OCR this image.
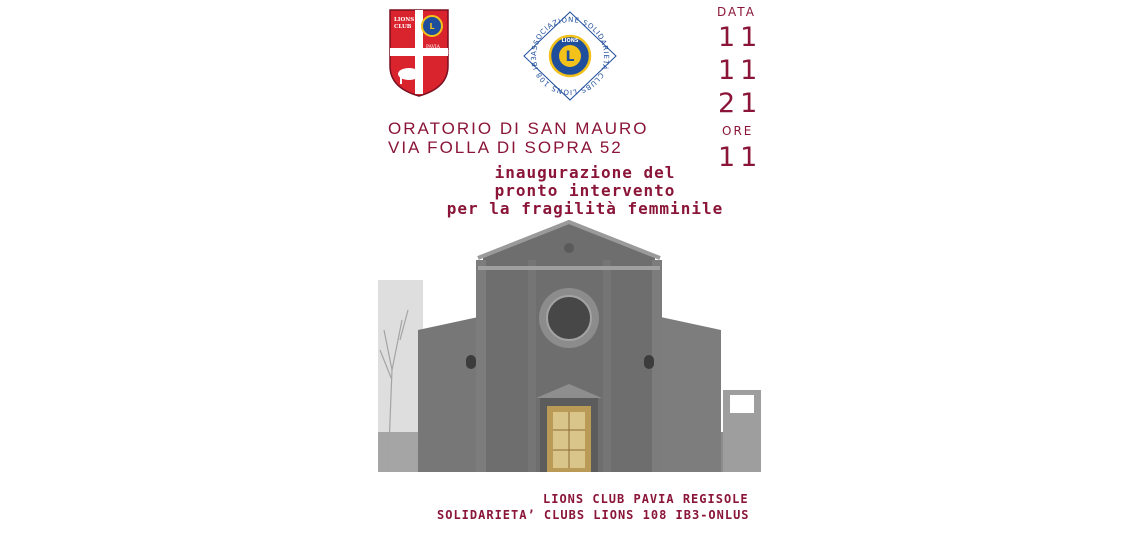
L
LIONS
CLUB
PAVIA
REGISOLE	L
LIONS
ASSOCIAZIONE SOLIDARIETÀ CLUBS LIONS 108 IB3
DATA
11
11
21
ORE
11
ORATORIO DI SAN MAURO
VIA FOLLA DI SOPRA 52
inaugurazione del
pronto intervento
per la fragilità femminile
LIONS CLUB PAVIA REGISOLE
SOLIDARIETA’ CLUBS LIONS 108 IB3-ONLUS
